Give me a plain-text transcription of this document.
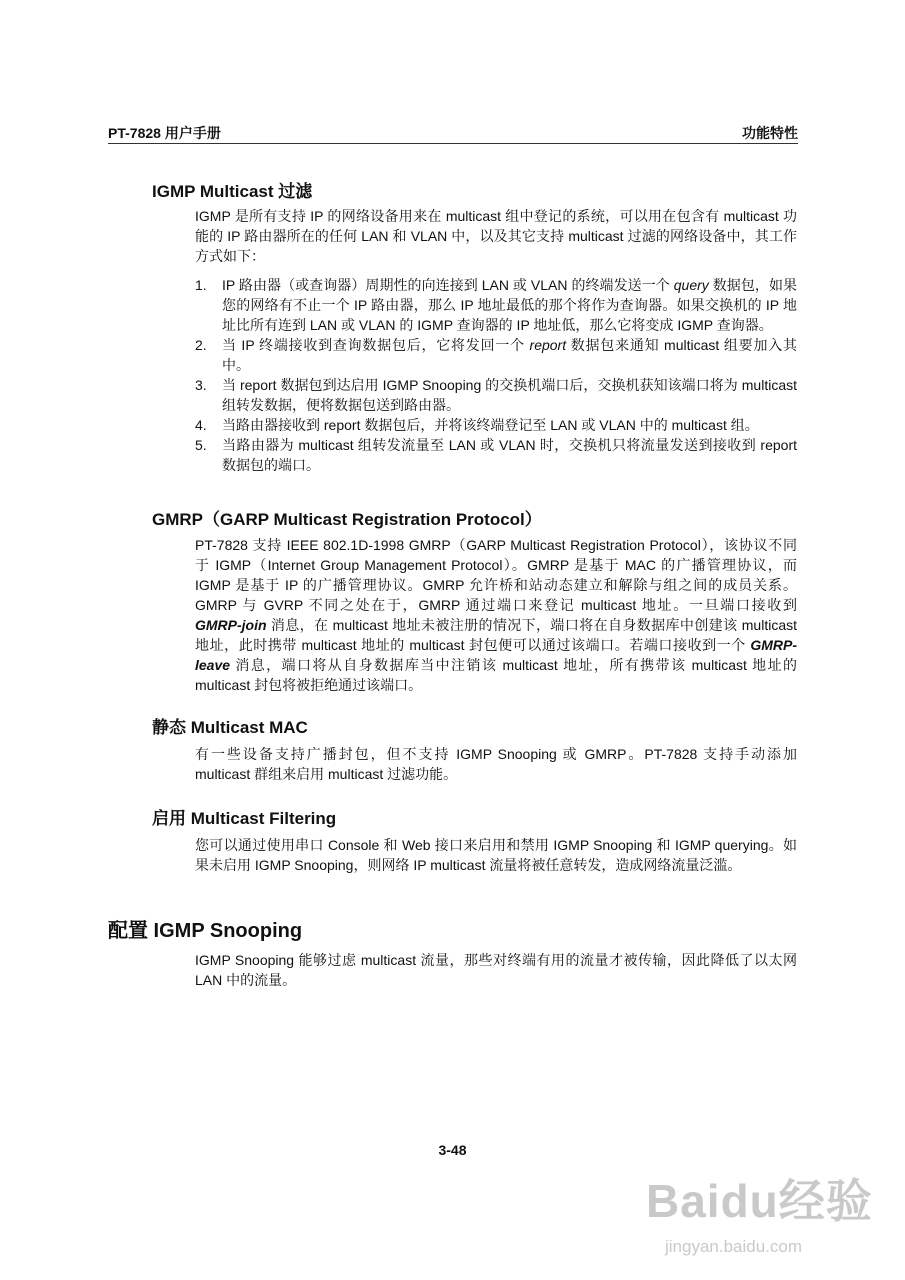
PT-7828 用户手册	功能特性
IGMP Multicast 过滤
IGMP 是所有支持 IP 的网络设备用来在 multicast 组中登记的系统，可以用在包含有 multicast 功能的 IP 路由器所在的任何 LAN 和 VLAN 中，以及其它支持 multicast 过滤的网络设备中，其工作方式如下：
1. IP 路由器（或查询器）周期性的向连接到 LAN 或 VLAN 的终端发送一个 query 数据包，如果您的网络有不止一个 IP 路由器，那么 IP 地址最低的那个将作为查询器。如果交换机的 IP 地址比所有连到 LAN 或 VLAN 的 IGMP 查询器的 IP 地址低，那么它将变成 IGMP 查询器。
2. 当 IP 终端接收到查询数据包后，它将发回一个 report 数据包来通知 multicast 组要加入其中。
3. 当 report 数据包到达启用 IGMP Snooping 的交换机端口后，交换机获知该端口将为 multicast 组转发数据，便将数据包送到路由器。
4. 当路由器接收到 report 数据包后，并将该终端登记至 LAN 或 VLAN 中的 multicast 组。
5. 当路由器为 multicast 组转发流量至 LAN 或 VLAN 时，交换机只将流量发送到接收到 report 数据包的端口。
GMRP（GARP Multicast Registration Protocol）
PT-7828 支持 IEEE 802.1D-1998 GMRP（GARP Multicast Registration Protocol），该协议不同于 IGMP（Internet Group Management Protocol）。GMRP 是基于 MAC 的广播管理协议，而 IGMP 是基于 IP 的广播管理协议。GMRP 允许桥和站动态建立和解除与组之间的成员关系。GMRP 与 GVRP 不同之处在于，GMRP 通过端口来登记 multicast 地址。一旦端口接收到 GMRP-join 消息，在 multicast 地址未被注册的情况下，端口将在自身数据库中创建该 multicast 地址，此时携带 multicast 地址的 multicast 封包便可以通过该端口。若端口接收到一个 GMRP-leave 消息，端口将从自身数据库当中注销该 multicast 地址，所有携带该 multicast 地址的 multicast 封包将被拒绝通过该端口。
静态 Multicast MAC
有一些设备支持广播封包，但不支持 IGMP Snooping 或 GMRP。PT-7828 支持手动添加 multicast 群组来启用 multicast 过滤功能。
启用 Multicast Filtering
您可以通过使用串口 Console 和 Web 接口来启用和禁用 IGMP Snooping 和 IGMP querying。如果未启用 IGMP Snooping，则网络 IP multicast 流量将被任意转发，造成网络流量泛滥。
配置 IGMP Snooping
IGMP Snooping 能够过虑 multicast 流量，那些对终端有用的流量才被传输，因此降低了以太网 LAN 中的流量。
3-48
Baidu经验
jingyan.baidu.com
